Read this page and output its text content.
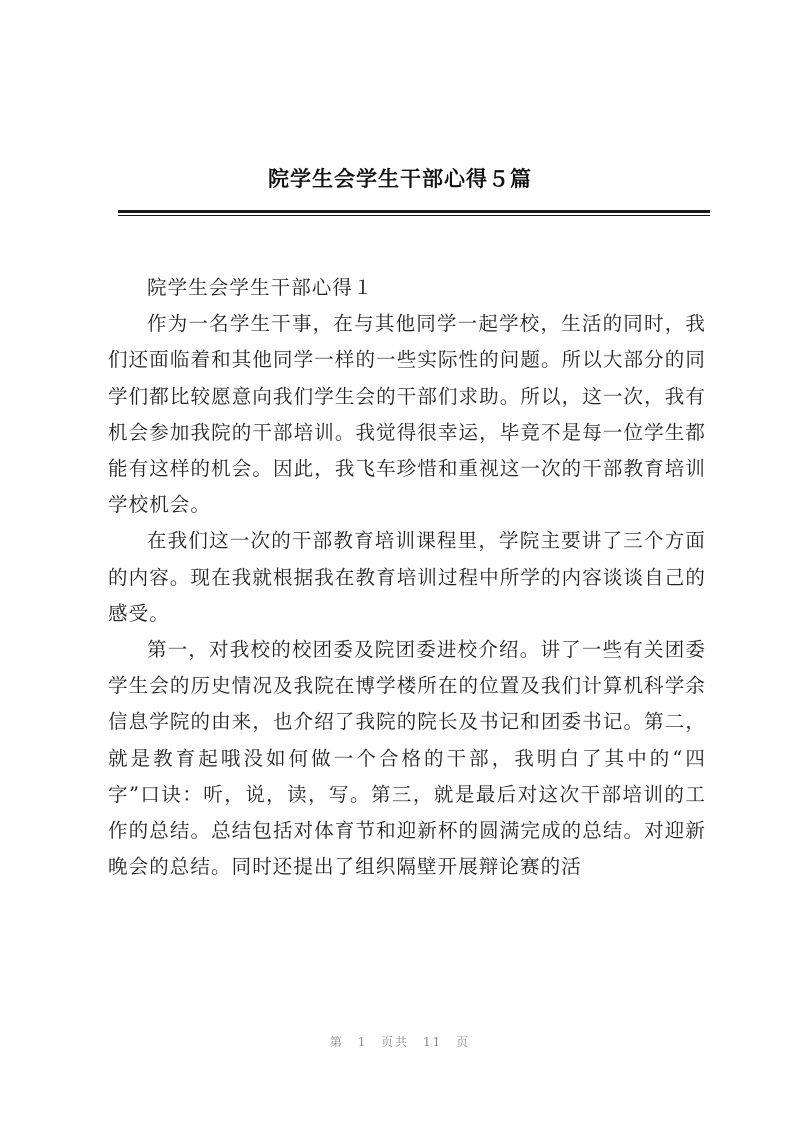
院学生会学生干部心得５篇

院学生会学生干部心得１

作为一名学生干事，在与其他同学一起学校，生活的同时，我们还面临着和其他同学一样的一些实际性的问题。所以大部分的同学们都比较愿意向我们学生会的干部们求助。所以，这一次，我有机会参加我院的干部培训。我觉得很幸运，毕竟不是每一位学生都能有这样的机会。因此，我飞车珍惜和重视这一次的干部教育培训学校机会。

在我们这一次的干部教育培训课程里，学院主要讲了三个方面的内容。现在我就根据我在教育培训过程中所学的内容谈谈自己的感受。

第一，对我校的校团委及院团委进校介绍。讲了一些有关团委学生会的历史情况及我院在博学楼所在的位置及我们计算机科学余信息学院的由来，也介绍了我院的院长及书记和团委书记。第二，就是教育起哦没如何做一个合格的干部，我明白了其中的“四字”口诀：听，说，读，写。第三，就是最后对这次干部培训的工作的总结。总结包括对体育节和迎新杯的圆满完成的总结。对迎新晚会的总结。同时还提出了组织隔壁开展辩论赛的活

第 1 页共 11 页
